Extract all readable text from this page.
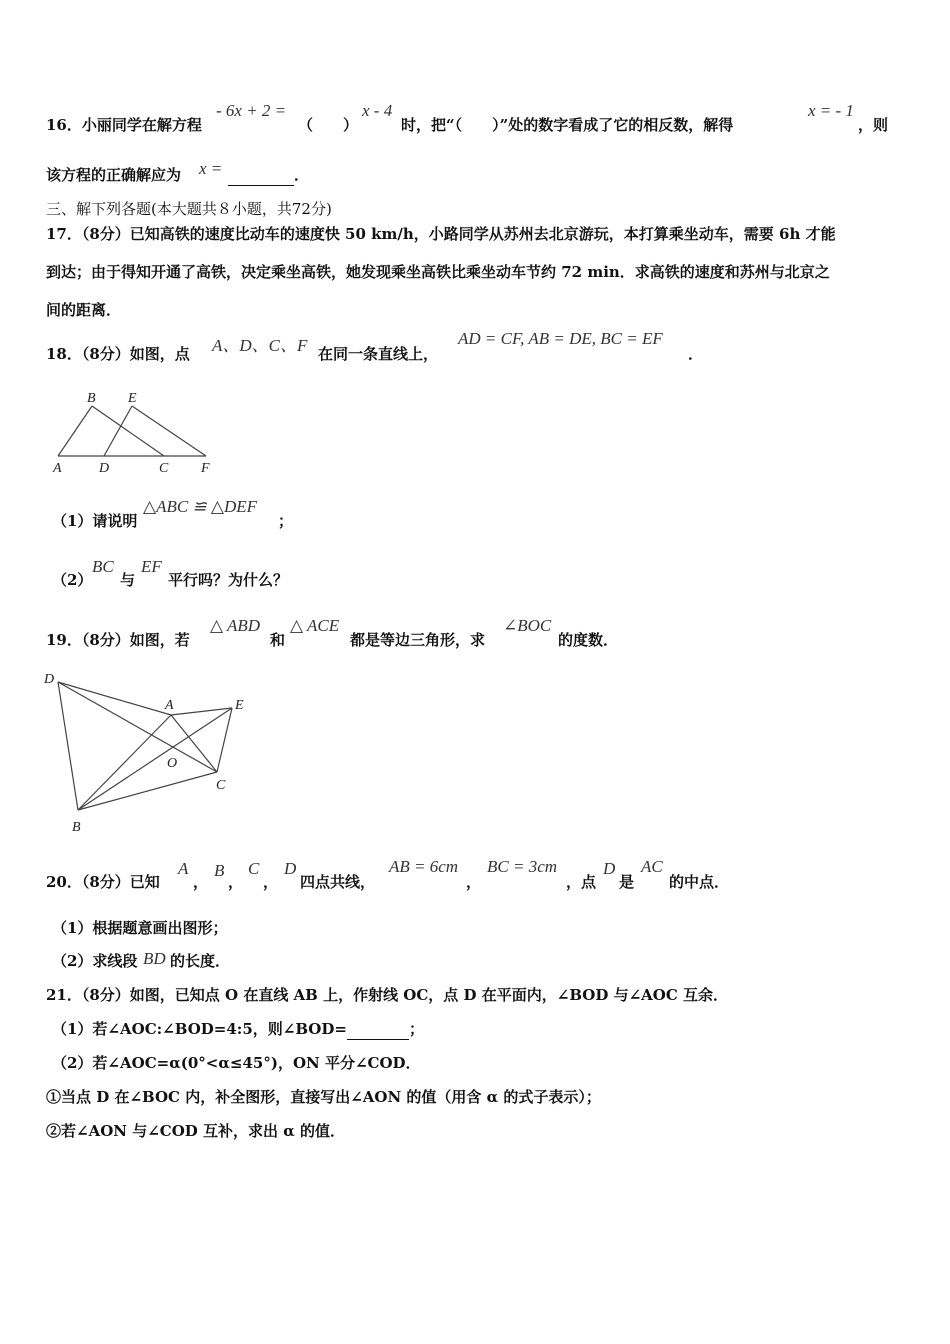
16．小丽同学在解方程
- 6x + 2 =
（　　）
x - 4
时，把“（　　）”处的数字看成了它的相反数，解得
x = - 1
，则
该方程的正确解应为 x =	．
三、解下列各题(本大题共８小题，共72分)
17．（8分）已知高铁的速度比动车的速度快 50 km/h，小路同学从苏州去北京游玩，本打算乘坐动车，需要 6h 才能
到达；由于得知开通了高铁，决定乘坐高铁，她发现乘坐高铁比乘坐动车节约 72 min．求高铁的速度和苏州与北京之
间的距离．
18．（8分）如图，点 A、D、C、F 在同一条直线上，
AD = CF, AB = DE, BC = EF
．
B E
A	D	C F
（1）请说明
△ABC ≌ △DEF
；
（2）
BC
与
EF
平行吗？为什么？
19．（8分）如图，若
△ ABD
和
△ ACE
都是等边三角形，求
∠BOC
的度数．
D
A	E
O
C
B
20．（8分）已知
A
，
B
，
C
，
D
四点共线，
AB = 6cm
，
BC = 3cm
，点
D
是
AC
的中点．
（1）根据题意画出图形；
（2）求线段 BD 的长度．
21．（8分）如图，已知点 O 在直线 AB 上，作射线 OC，点 D 在平面内，∠BOD 与∠AOC 互余．
（1）若∠AOC:∠BOD=4:5，则∠BOD=	；
（2）若∠AOC=α(0°<α≤45°)，ON 平分∠COD．
①当点 D 在∠BOC 内，补全图形，直接写出∠AON 的值（用含 α 的式子表示）；
②若∠AON 与∠COD 互补，求出 α 的值．
